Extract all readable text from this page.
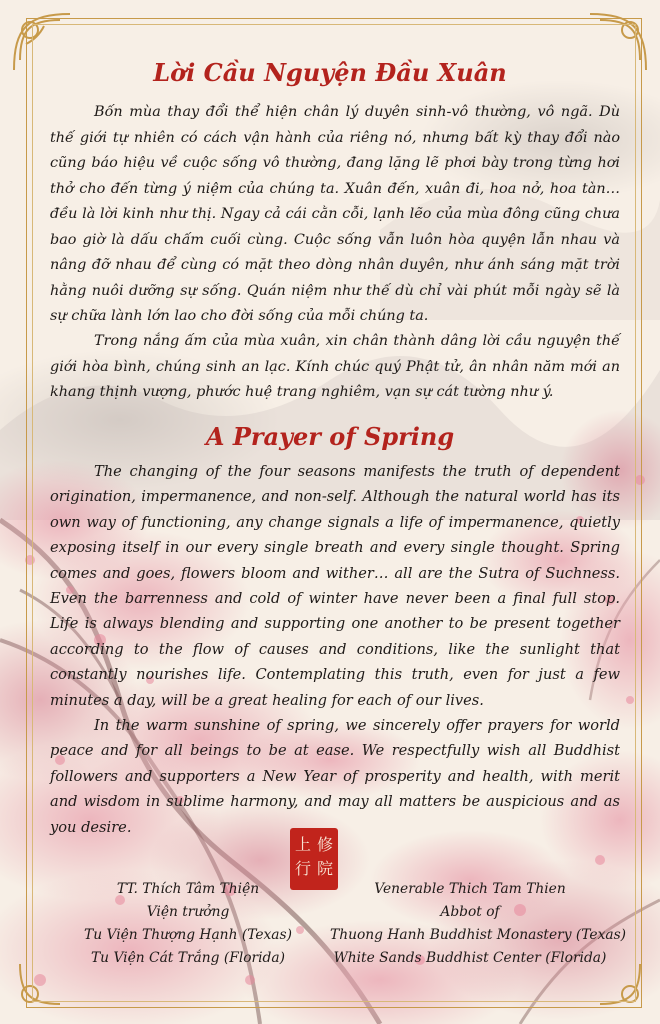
Lời Cầu Nguyện Đầu Xuân

Bốn mùa thay đổi thể hiện chân lý duyên sinh-vô thường, vô ngã. Dù thế giới tự nhiên có cách vận hành của riêng nó, nhưng bất kỳ thay đổi nào cũng báo hiệu về cuộc sống vô thường, đang lặng lẽ phơi bày trong từng hơi thở cho đến từng ý niệm của chúng ta. Xuân đến, xuân đi, hoa nở, hoa tàn… đều là lời kinh như thị. Ngay cả cái cằn cỗi, lạnh lẽo của mùa đông cũng chưa bao giờ là dấu chấm cuối cùng. Cuộc sống vẫn luôn hòa quyện lẫn nhau và nâng đỡ nhau để cùng có mặt theo dòng nhân duyên, như ánh sáng mặt trời hằng nuôi dưỡng sự sống. Quán niệm như thế dù chỉ vài phút mỗi ngày sẽ là sự chữa lành lớn lao cho đời sống của mỗi chúng ta.

Trong nắng ấm của mùa xuân, xin chân thành dâng lời cầu nguyện thế giới hòa bình, chúng sinh an lạc. Kính chúc quý Phật tử, ân nhân năm mới an khang thịnh vượng, phước huệ trang nghiêm, vạn sự cát tường như ý.

A Prayer of Spring

The changing of the four seasons manifests the truth of dependent origination, impermanence, and non-self. Although the natural world has its own way of functioning, any change signals a life of impermanence, quietly exposing itself in our every single breath and every single thought. Spring comes and goes, flowers bloom and wither… all are the Sutra of Suchness. Even the barrenness and cold of winter have never been a final full stop. Life is always blending and supporting one another to be present together according to the flow of causes and conditions, like the sunlight that constantly nourishes life. Contemplating this truth, even for just a few minutes a day, will be a great healing for each of our lives.

In the warm sunshine of spring, we sincerely offer prayers for world peace and for all beings to be at ease. We respectfully wish all Buddhist followers and supporters a New Year of prosperity and health, with merit and wisdom in sublime harmony, and may all matters be auspicious and as you desire.

上
行
修
院
TT. Thích Tâm Thiện
Viện trưởng
Tu Viện Thượng Hạnh (Texas)
Tu Viện Cát Trắng (Florida)
Venerable Thich Tam Thien
Abbot of
Thuong Hanh Buddhist Monastery (Texas)
White Sands Buddhist Center (Florida)
